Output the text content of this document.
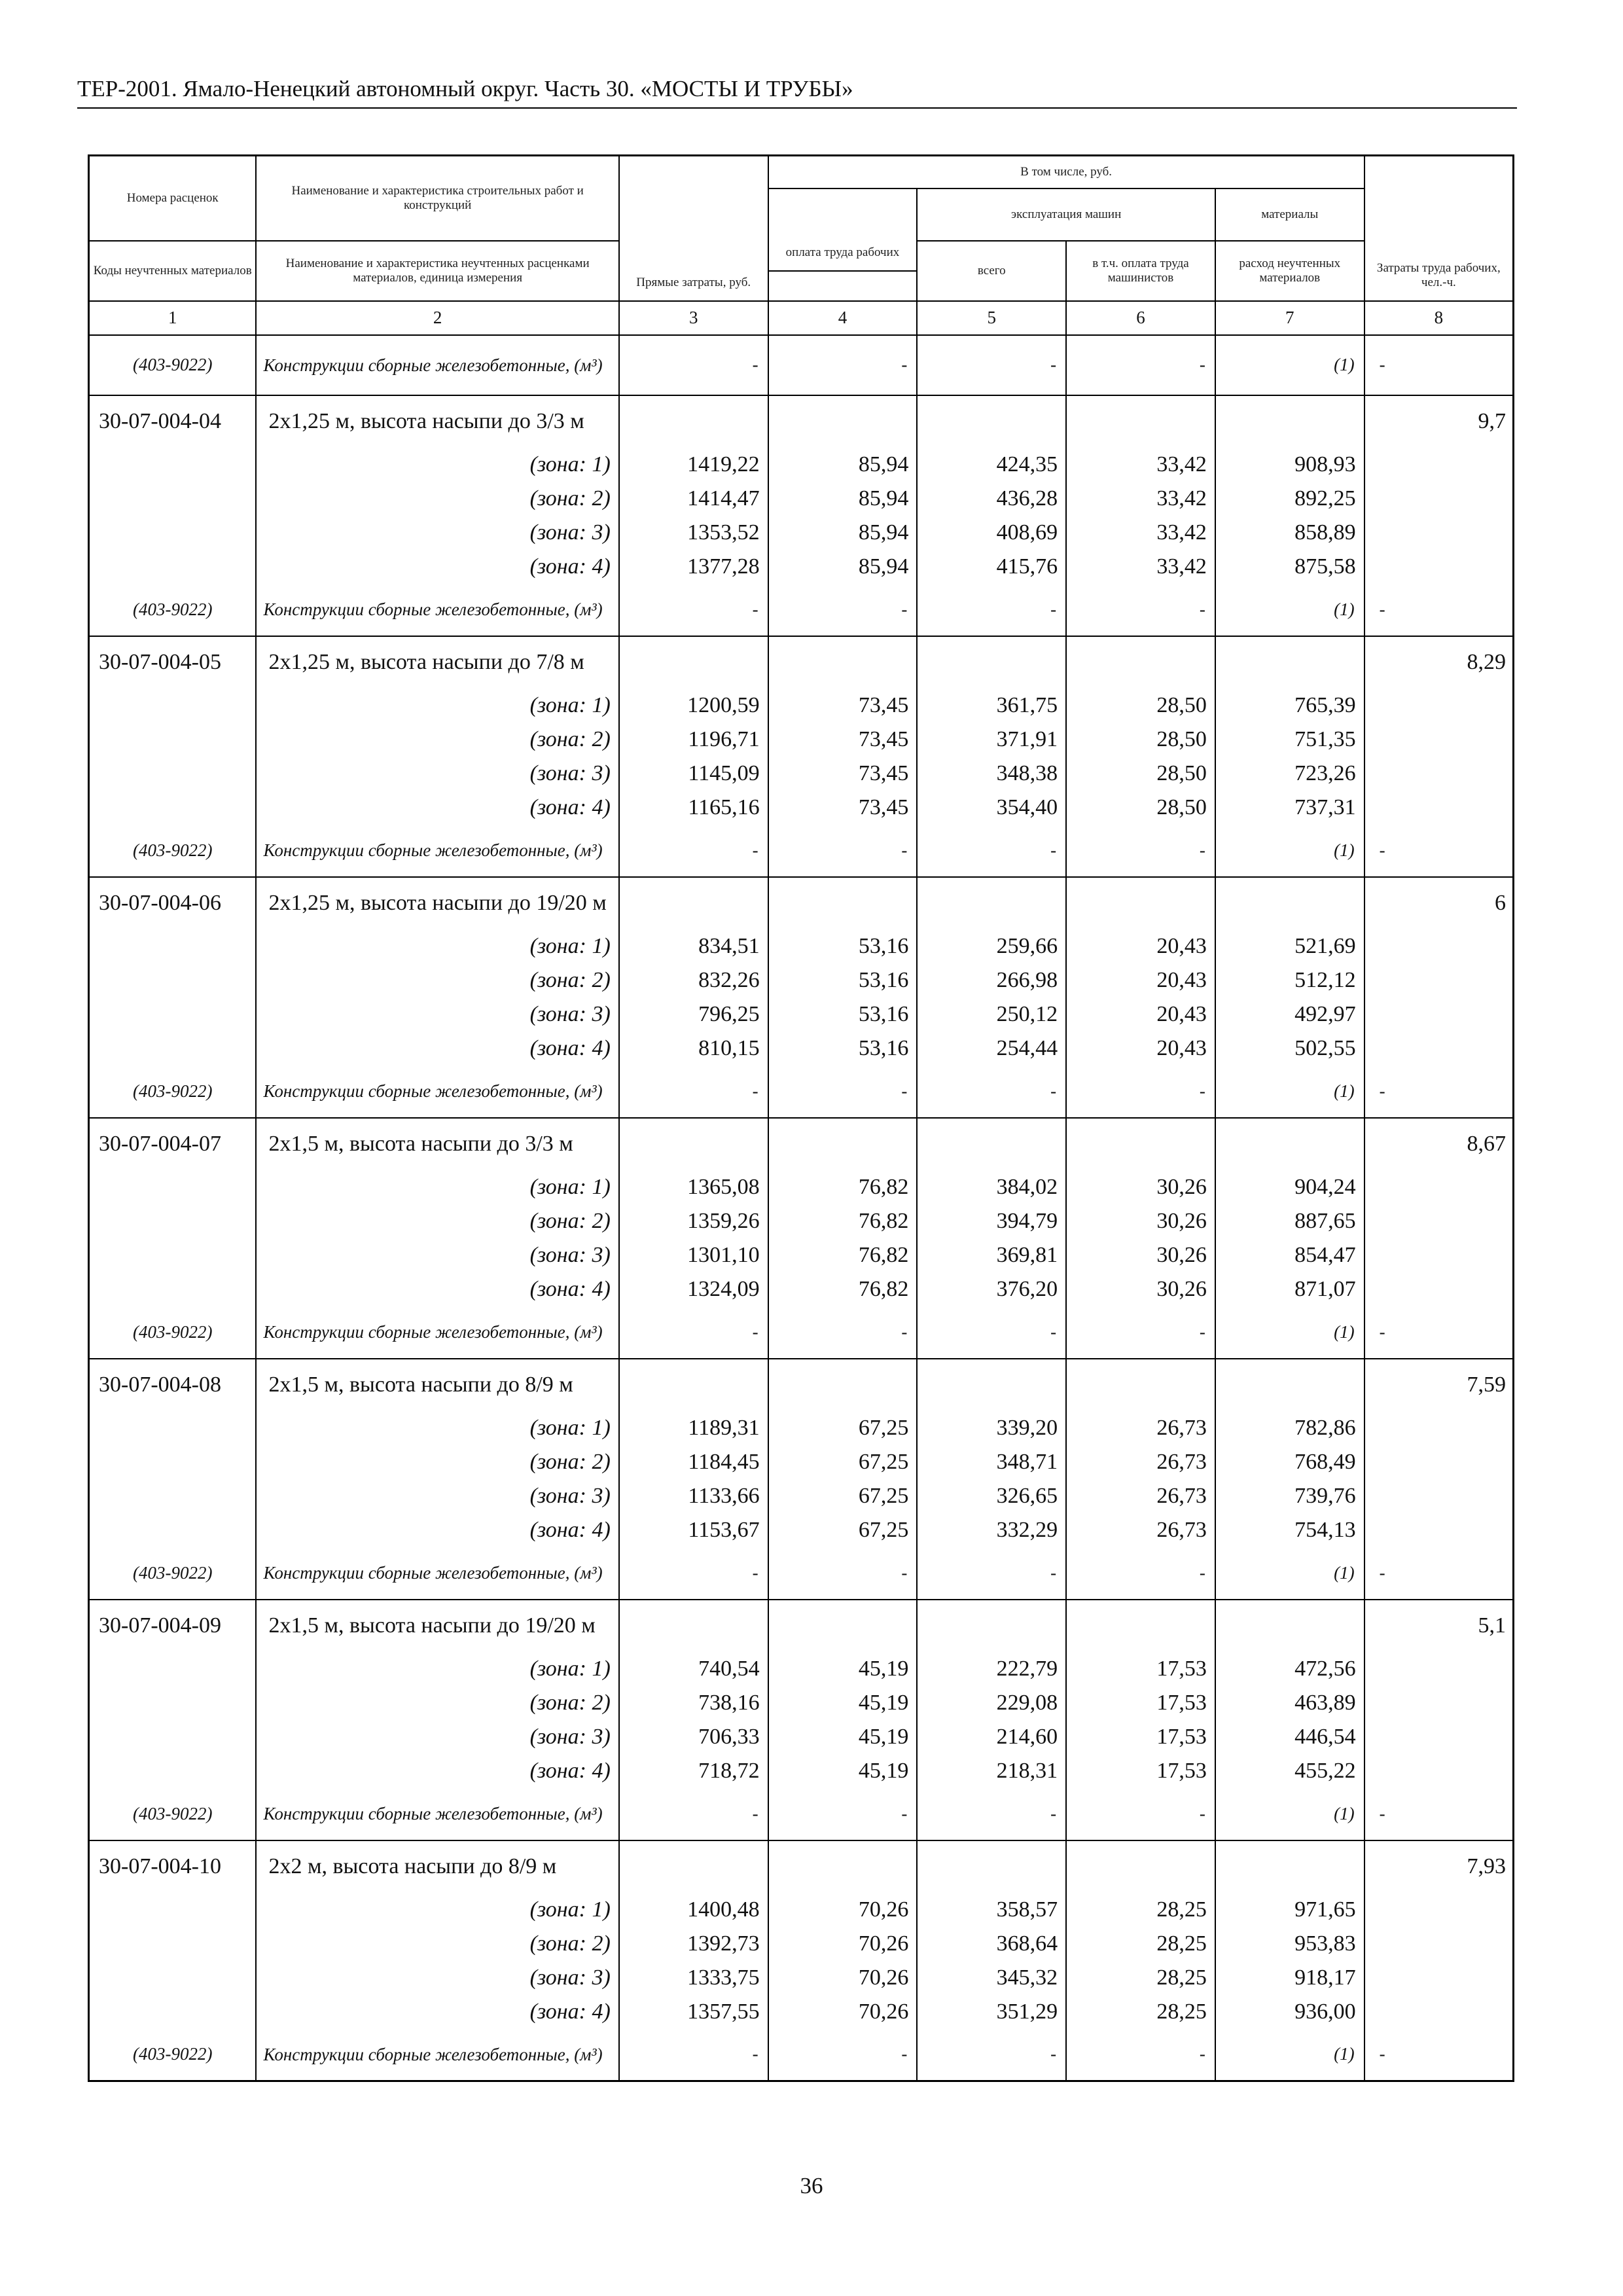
ТЕР-2001. Ямало-Ненецкий автономный округ. Часть 30. «МОСТЫ И ТРУБЫ»
Номера расценок	Наименование и характеристика строительных работ и конструкций	Прямые затраты, руб.	В том числе, руб.				Затраты труда рабочих, чел.-ч.
			оплата труда рабочих	эксплуатация машин		материалы	

Коды неучтенных материалов	Наименование и характеристика неучтенных расценками материалов, единица измерения			всего	в т.ч. оплата труда машинистов	расход неучтенных материалов	

1	2	3	4	5	6	7	8
(403-9022)	Конструкции сборные железобетонные, (м³)	-	-	-	-	(1)	-
30-07-004-04	2х1,25 м, высота насыпи до 3/3 м						9,7
	(зона: 1)	1419,22	85,94	424,35	33,42	908,93	
	(зона: 2)	1414,47	85,94	436,28	33,42	892,25	
	(зона: 3)	1353,52	85,94	408,69	33,42	858,89	
	(зона: 4)	1377,28	85,94	415,76	33,42	875,58	
(403-9022)	Конструкции сборные железобетонные, (м³)	-	-	-	-	(1)	-
30-07-004-05	2х1,25 м, высота насыпи до 7/8 м						8,29
	(зона: 1)	1200,59	73,45	361,75	28,50	765,39	
	(зона: 2)	1196,71	73,45	371,91	28,50	751,35	
	(зона: 3)	1145,09	73,45	348,38	28,50	723,26	
	(зона: 4)	1165,16	73,45	354,40	28,50	737,31	
(403-9022)	Конструкции сборные железобетонные, (м³)	-	-	-	-	(1)	-
30-07-004-06	2х1,25 м, высота насыпи до 19/20 м						6
	(зона: 1)	834,51	53,16	259,66	20,43	521,69	
	(зона: 2)	832,26	53,16	266,98	20,43	512,12	
	(зона: 3)	796,25	53,16	250,12	20,43	492,97	
	(зона: 4)	810,15	53,16	254,44	20,43	502,55	
(403-9022)	Конструкции сборные железобетонные, (м³)	-	-	-	-	(1)	-
30-07-004-07	2х1,5 м, высота насыпи до 3/3 м						8,67
	(зона: 1)	1365,08	76,82	384,02	30,26	904,24	
	(зона: 2)	1359,26	76,82	394,79	30,26	887,65	
	(зона: 3)	1301,10	76,82	369,81	30,26	854,47	
	(зона: 4)	1324,09	76,82	376,20	30,26	871,07	
(403-9022)	Конструкции сборные железобетонные, (м³)	-	-	-	-	(1)	-
30-07-004-08	2х1,5 м, высота насыпи до 8/9 м						7,59
	(зона: 1)	1189,31	67,25	339,20	26,73	782,86	
	(зона: 2)	1184,45	67,25	348,71	26,73	768,49	
	(зона: 3)	1133,66	67,25	326,65	26,73	739,76	
	(зона: 4)	1153,67	67,25	332,29	26,73	754,13	
(403-9022)	Конструкции сборные железобетонные, (м³)	-	-	-	-	(1)	-
30-07-004-09	2х1,5 м, высота насыпи до 19/20 м						5,1
	(зона: 1)	740,54	45,19	222,79	17,53	472,56	
	(зона: 2)	738,16	45,19	229,08	17,53	463,89	
	(зона: 3)	706,33	45,19	214,60	17,53	446,54	
	(зона: 4)	718,72	45,19	218,31	17,53	455,22	
(403-9022)	Конструкции сборные железобетонные, (м³)	-	-	-	-	(1)	-
30-07-004-10	2х2 м, высота насыпи до 8/9 м						7,93
	(зона: 1)	1400,48	70,26	358,57	28,25	971,65	
	(зона: 2)	1392,73	70,26	368,64	28,25	953,83	
	(зона: 3)	1333,75	70,26	345,32	28,25	918,17	
	(зона: 4)	1357,55	70,26	351,29	28,25	936,00	
(403-9022)	Конструкции сборные железобетонные, (м³)	-	-	-	-	(1)	-
36
